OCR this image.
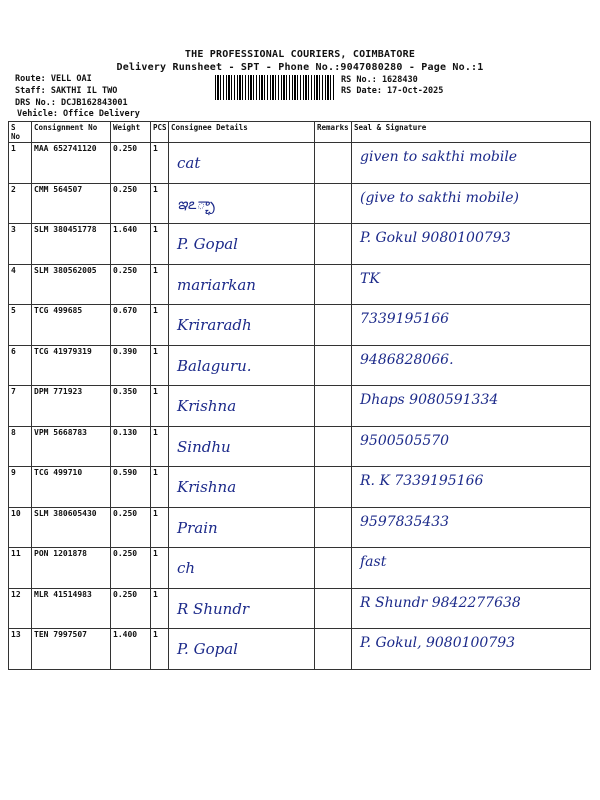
THE PROFESSIONAL COURIERS, COIMBATORE
Delivery Runsheet - SPT - Phone No.:9047080280 - Page No.:1
Route: VELL OAI
Staff: SAKTHI IL TWO
DRS No.: DCJB162843001
Vehicle: Office Delivery
RS No.: 1628430
RS Date: 17-Oct-2025
S No	Consignment No	Weight	PCS	Consignee Details	Remarks	Seal & Signature
1	MAA 652741120	0.250	1	cat		given to sakthi mobile

2	CMM 564507	0.250	1	ఇఽ్ఛా		(give to sakthi mobile)

3	SLM 380451778	1.640	1	P. Gopal		P. Gokul 9080100793

4	SLM 380562005	0.250	1	mariarkan		TK

5	TCG 499685	0.670	1	Kriraradh		7339195166

6	TCG 41979319	0.390	1	Balaguru.		9486828066.

7	DPM 771923	0.350	1	Krishna		Dhaps 9080591334

8	VPM 5668783	0.130	1	Sindhu		9500505570

9	TCG 499710	0.590	1	Krishna		R. K 7339195166

10	SLM 380605430	0.250	1	Prain		9597835433

11	PON 1201878	0.250	1	ch		fast

12	MLR 41514983	0.250	1	R Shundr		R Shundr 9842277638

13	TEN 7997507	1.400	1	P. Gopal		P. Gokul, 9080100793
